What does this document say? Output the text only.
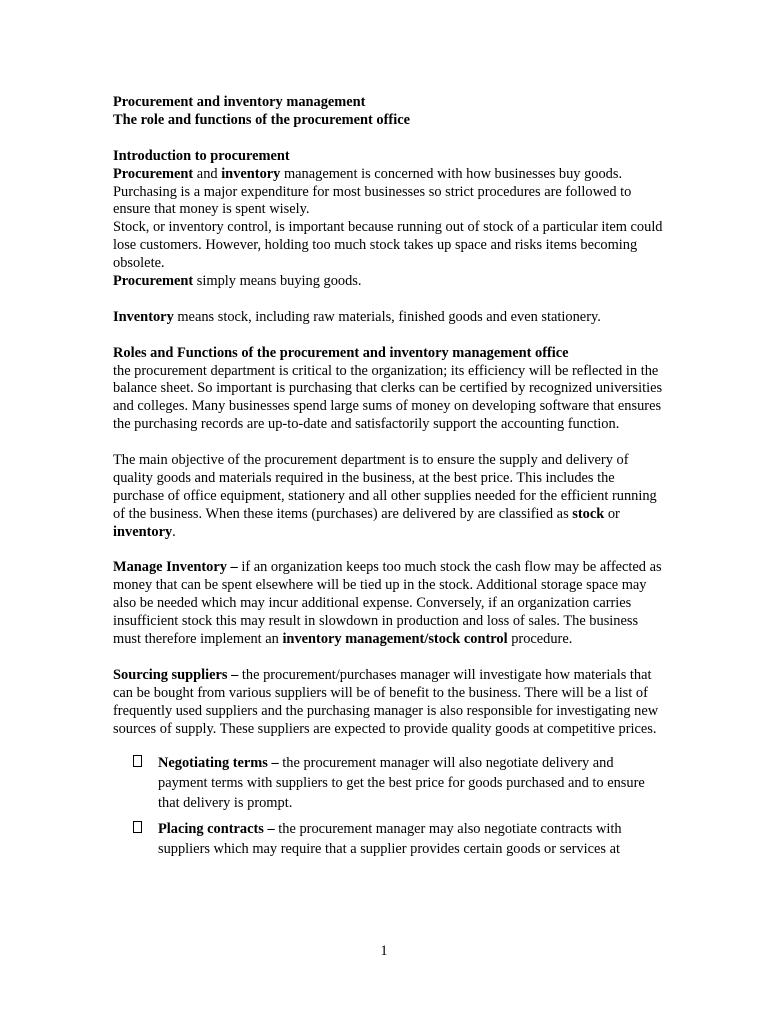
Procurement and inventory management

The role and functions of the procurement office

Introduction to procurement

Procurement and inventory management is concerned with how businesses buy goods. Purchasing is a major expenditure for most businesses so strict procedures are followed to ensure that money is spent wisely.

Stock, or inventory control, is important because running out of stock of a particular item could lose customers. However, holding too much stock takes up space and risks items becoming obsolete.

Procurement simply means buying goods.

Inventory means stock, including raw materials, finished goods and even stationery.

Roles and Functions of the procurement and inventory management office

the procurement department is critical to the organization; its efficiency will be reflected in the balance sheet. So important is purchasing that clerks can be certified by recognized universities and colleges. Many businesses spend large sums of money on developing software that ensures the purchasing records are up-to-date and satisfactorily support the accounting function.

The main objective of the procurement department is to ensure the supply and delivery of quality goods and materials required in the business, at the best price. This includes the purchase of office equipment, stationery and all other supplies needed for the efficient running of the business. When these items (purchases) are delivered by are classified as stock or inventory.

Manage Inventory – if an organization keeps too much stock the cash flow may be affected as money that can be spent elsewhere will be tied up in the stock. Additional storage space may also be needed which may incur additional expense. Conversely, if an organization carries insufficient stock this may result in slowdown in production and loss of sales. The business must therefore implement an inventory management/stock control procedure.

Sourcing suppliers – the procurement/purchases manager will investigate how materials that can be bought from various suppliers will be of benefit to the business. There will be a list of frequently used suppliers and the purchasing manager is also responsible for investigating new sources of supply. These suppliers are expected to provide quality goods at competitive prices.

Negotiating terms – the procurement manager will also negotiate delivery and payment terms with suppliers to get the best price for goods purchased and to ensure that delivery is prompt.
Placing contracts – the procurement manager may also negotiate contracts with suppliers which may require that a supplier provides certain goods or services at
1
